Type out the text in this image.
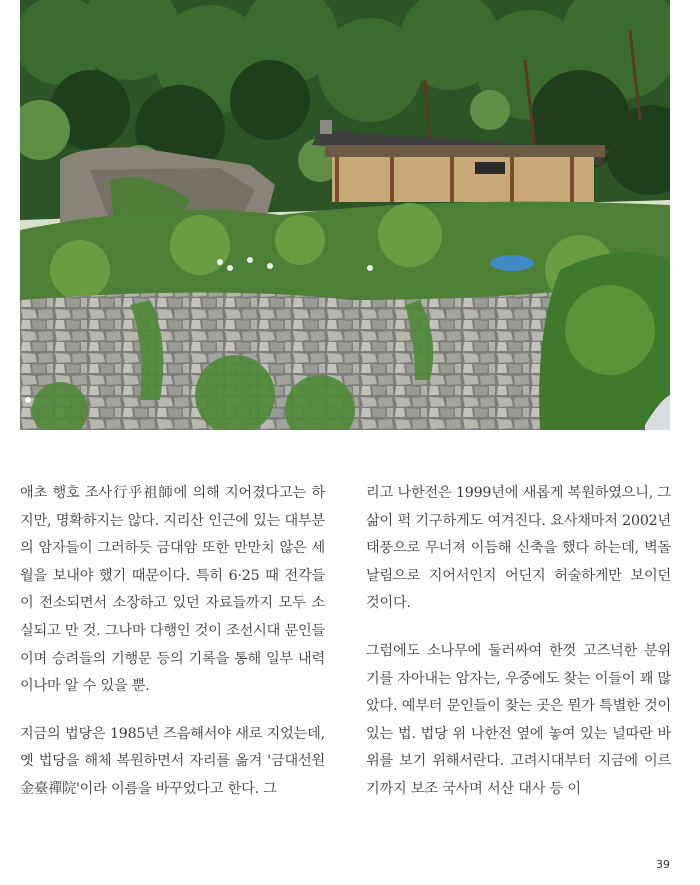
애초 행호 조사行乎祖師에 의해 지어졌다고는 하지만, 명확하지는 않다. 지리산 인근에 있는 대부분의 암자들이 그러하듯 금대암 또한 만만치 않은 세월을 보내야 했기 때문이다. 특히 6·25 때 전각들이 전소되면서 소장하고 있던 자료들까지 모두 소실되고 만 것. 그나마 다행인 것이 조선시대 문인들이며 승려들의 기행문 등의 기록을 통해 일부 내력이나마 알 수 있을 뿐.

지금의 법당은 1985년 즈음해서야 새로 지었는데, 옛 법당을 해체 복원하면서 자리를 옮겨 '금대선원金臺禪院'이라 이름을 바꾸었다고 한다. 그

리고 나한전은 1999년에 새롭게 복원하였으니, 그 삶이 퍽 기구하게도 여겨진다. 요사채마저 2002년 태풍으로 무너져 이듬해 신축을 했다 하는데, 벽돌 날림으로 지어서인지 어딘지 허술하게만 보이던 것이다.

그럼에도 소나무에 둘러싸여 한껏 고즈넉한 분위기를 자아내는 암자는, 우중에도 찾는 이들이 꽤 많았다. 예부터 문인들이 찾는 곳은 뭔가 특별한 것이 있는 법. 법당 위 나한전 옆에 놓여 있는 널따란 바위를 보기 위해서란다. 고려시대부터 지금에 이르기까지 보조 국사며 서산 대사 등 이

39
